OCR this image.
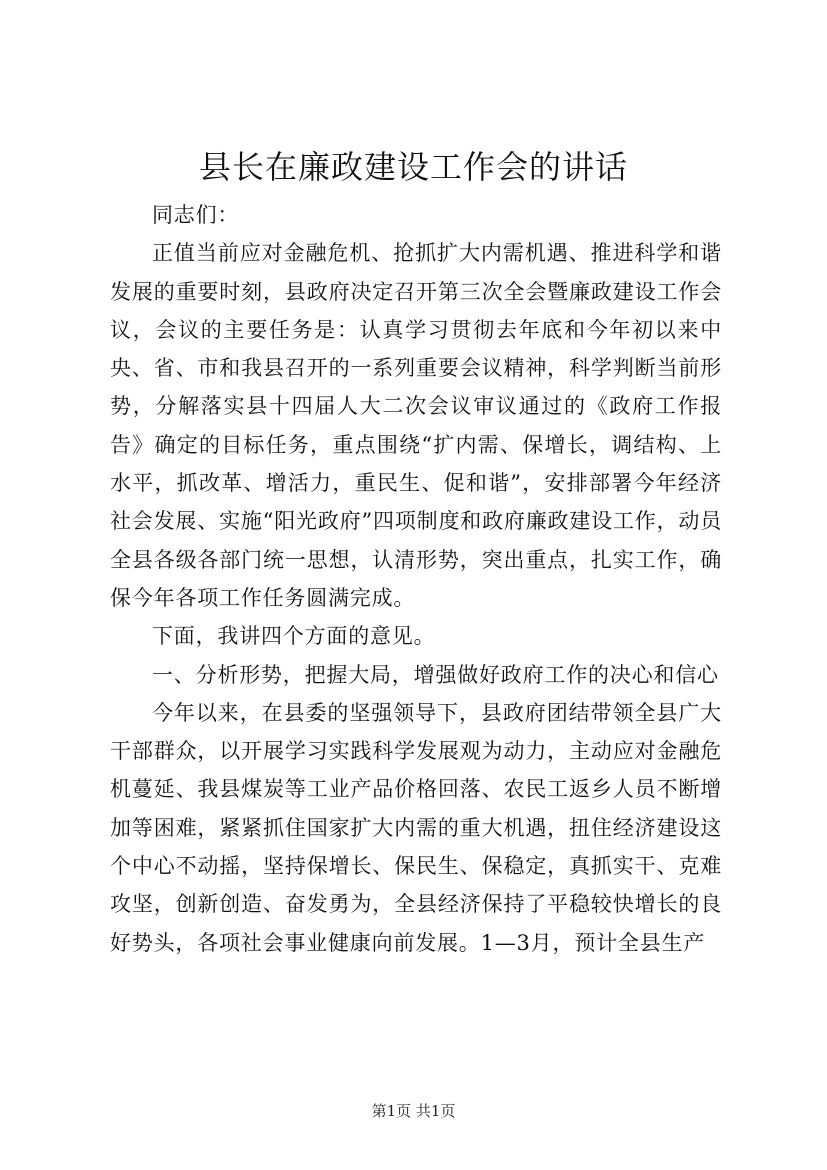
县长在廉政建设工作会的讲话

同志们：

正值当前应对金融危机、抢抓扩大内需机遇、推进科学和谐发展的重要时刻，县政府决定召开第三次全会暨廉政建设工作会议，会议的主要任务是：认真学习贯彻去年底和今年初以来中央、省、市和我县召开的一系列重要会议精神，科学判断当前形势，分解落实县十四届人大二次会议审议通过的《政府工作报告》确定的目标任务，重点围绕“扩内需、保增长，调结构、上水平，抓改革、增活力，重民生、促和谐”，安排部署今年经济社会发展、实施“阳光政府”四项制度和政府廉政建设工作，动员全县各级各部门统一思想，认清形势，突出重点，扎实工作，确保今年各项工作任务圆满完成。

下面，我讲四个方面的意见。

一、分析形势，把握大局，增强做好政府工作的决心和信心

今年以来，在县委的坚强领导下，县政府团结带领全县广大干部群众，以开展学习实践科学发展观为动力，主动应对金融危机蔓延、我县煤炭等工业产品价格回落、农民工返乡人员不断增加等困难，紧紧抓住国家扩大内需的重大机遇，扭住经济建设这个中心不动摇，坚持保增长、保民生、保稳定，真抓实干、克难攻坚，创新创造、奋发勇为，全县经济保持了平稳较快增长的良好势头，各项社会事业健康向前发展。1—3月，预计全县生产

第1页 共1页
